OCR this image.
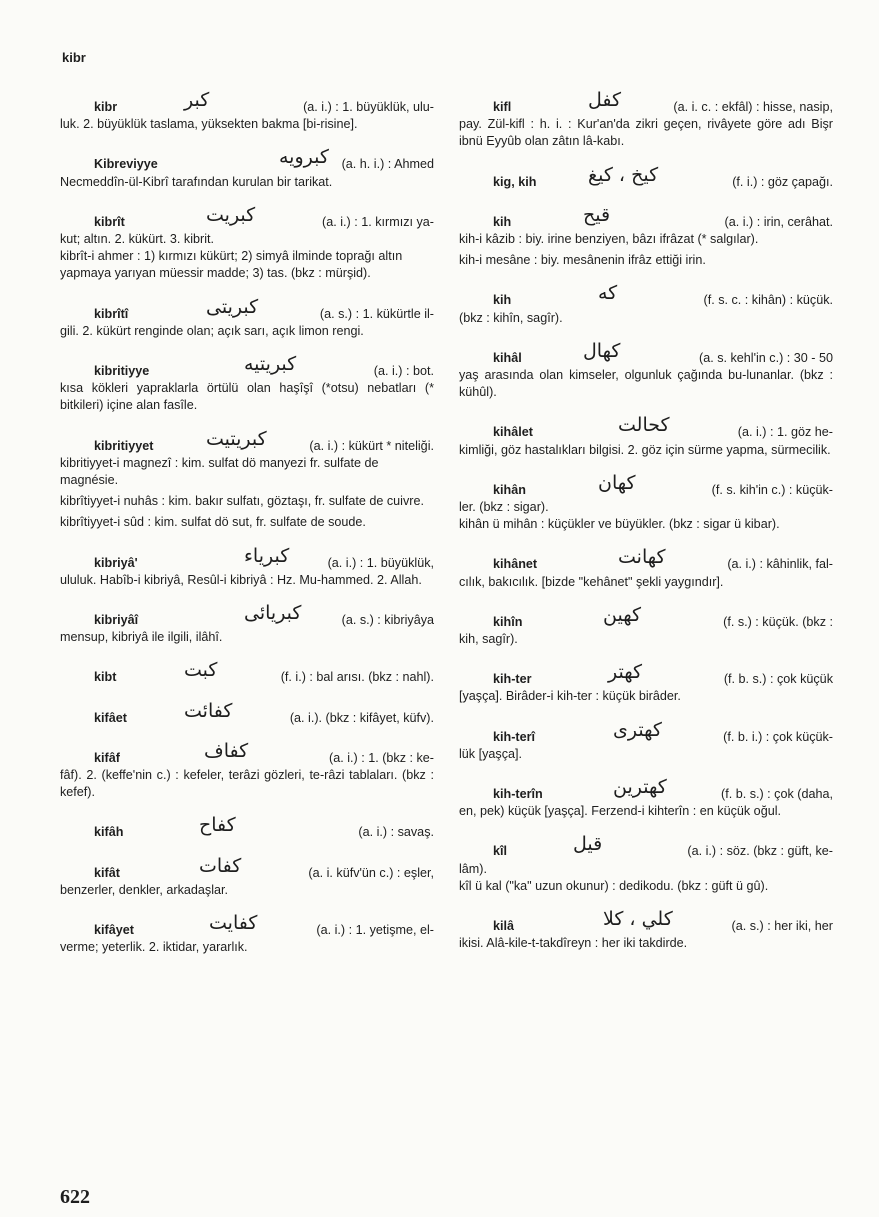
kibr
kibr	كبر	(a. i.) : 1. büyüklük, ulu-
luk. 2. büyüklük taslama, yüksekten bakma [bi-risine].
Kibreviyye	كبرويه	(a. h. i.) : Ahmed
Necmeddîn-ül-Kibrî tarafından kurulan bir tarikat.
kibrît	كبريت	(a. i.) : 1. kırmızı ya-
kut; altın. 2. kükürt. 3. kibrit.
kibrît-i ahmer : 1) kırmızı kükürt; 2) simyâ ilminde toprağı altın yapmaya yarıyan müessir madde; 3) tas. (bkz : mürşid).
kibrîtî	كبريتى	(a. s.) : 1. kükürtle il-
gili. 2. kükürt renginde olan; açık sarı, açık limon rengi.
kibritiyye	كبريتيه	(a. i.) : bot.
kısa kökleri yapraklarla örtülü olan haşîşî (*otsu) nebatları (* bitkileri) içine alan fasîle.
kibritiyyet	كبريتيت	(a. i.) : kükürt * niteliği.
kibritiyyet-i magnezî : kim. sulfat dö manyezi fr. sulfate de magnésie.
kibrîtiyyet-i nuhâs : kim. bakır sulfatı, göztaşı, fr. sulfate de cuivre.
kibrîtiyyet-i sûd : kim. sulfat dö sut, fr. sulfate de soude.
kibriyâ'	كبرياء	(a. i.) : 1. büyüklük,
ululuk. Habîb-i kibriyâ, Resûl-i kibriyâ : Hz. Mu-hammed. 2. Allah.
kibriyâî	كبريائى	(a. s.) : kibriyâya
mensup, kibriyâ ile ilgili, ilâhî.
kibt	كبت	(f. i.) : bal arısı. (bkz : nahl).
kifâet	كفائت	(a. i.). (bkz : kifâyet, küfv).
kifâf	كفاف	(a. i.) : 1. (bkz : ke-
fâf). 2. (keffe'nin c.) : kefeler, terâzi gözleri, te-râzi tablaları. (bkz : kefef).
kifâh	كفاح	(a. i.) : savaş.
kifât	كفات	(a. i. küfv'ün c.) : eşler,
benzerler, denkler, arkadaşlar.
kifâyet	كفايت	(a. i.) : 1. yetişme, el-
verme; yeterlik. 2. iktidar, yararlık.
kifl	كفل	(a. i. c. : ekfâl) : hisse, nasip,
pay. Zül-kifl : h. i. : Kur'an'da zikri geçen, rivâyete göre adı Bişr ibnü Eyyûb olan zâtın lâ-kabı.
kig, kih	كيخ ، كيغ	(f. i.) : göz çapağı.
kih	قيح	(a. i.) : irin, cerâhat.
kih-i kâzib : biy. irine benziyen, bâzı ifrâzat (* salgılar).
kih-i mesâne : biy. mesânenin ifrâz ettiği irin.
kih	كه	(f. s. c. : kihân) : küçük.
(bkz : kihîn, sagîr).
kihâl	كهال	(a. s. kehl'in c.) : 30 - 50
yaş arasında olan kimseler, olgunluk çağında bu-lunanlar. (bkz : kühûl).
kihâlet	كحالت	(a. i.) : 1. göz he-
kimliği, göz hastalıkları bilgisi. 2. göz için sürme yapma, sürmecilik.
kihân	كهان	(f. s. kih'in c.) : küçük-
ler. (bkz : sigar).
kihân ü mihân : küçükler ve büyükler. (bkz : sigar ü kibar).
kihânet	كهانت	(a. i.) : kâhinlik, fal-
cılık, bakıcılık. [bizde "kehânet" şekli yaygındır].
kihîn	كهين	(f. s.) : küçük. (bkz :
kih, sagîr).
kih-ter	كهتر	(f. b. s.) : çok küçük
[yaşça]. Birâder-i kih-ter : küçük birâder.
kih-terî	كهترى	(f. b. i.) : çok küçük-
lük [yaşça].
kih-terîn	كهترين	(f. b. s.) : çok (daha,
en, pek) küçük [yaşça]. Ferzend-i kihterîn : en küçük oğul.
kîl	قيل	(a. i.) : söz. (bkz : güft, ke-
lâm).
kîl ü kal ("ka" uzun okunur) : dedikodu. (bkz : güft ü gû).
kilâ	كلي ، كلا	(a. s.) : her iki, her
ikisi. Alâ-kile-t-takdîreyn : her iki takdirde.
622
